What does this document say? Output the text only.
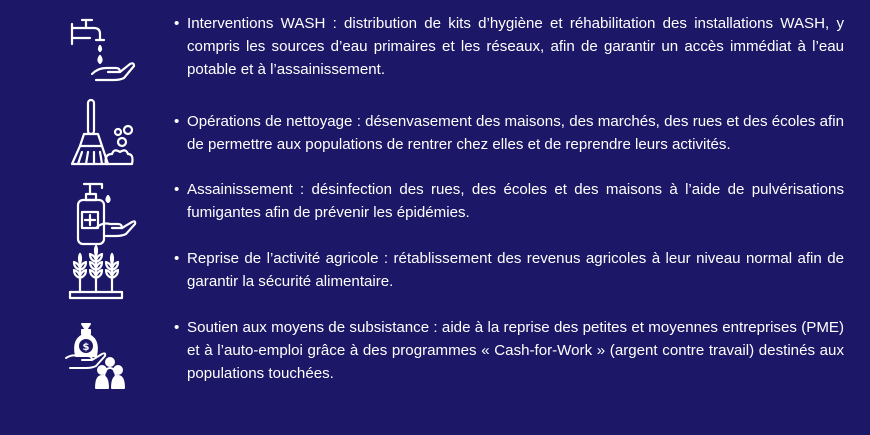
• Interventions WASH : distribution de kits d’hygiène et réhabilitation des installations WASH, y compris les sources d’eau primaires et les réseaux, afin de garantir un accès immédiat à l’eau potable et à l’assainissement.
• Opérations de nettoyage : désenvasement des maisons, des marchés, des rues et des écoles afin de permettre aux populations de rentrer chez elles et de reprendre leurs activités.
• Assainissement : désinfection des rues, des écoles et des maisons à l’aide de pulvérisations fumigantes afin de prévenir les épidémies.
• Reprise de l’activité agricole : rétablissement des revenus agricoles à leur niveau normal afin de garantir la sécurité alimentaire.
$
• Soutien aux moyens de subsistance : aide à la reprise des petites et moyennes entreprises (PME) et à l’auto-emploi grâce à des programmes « Cash-for-Work » (argent contre travail) destinés aux populations touchées.
